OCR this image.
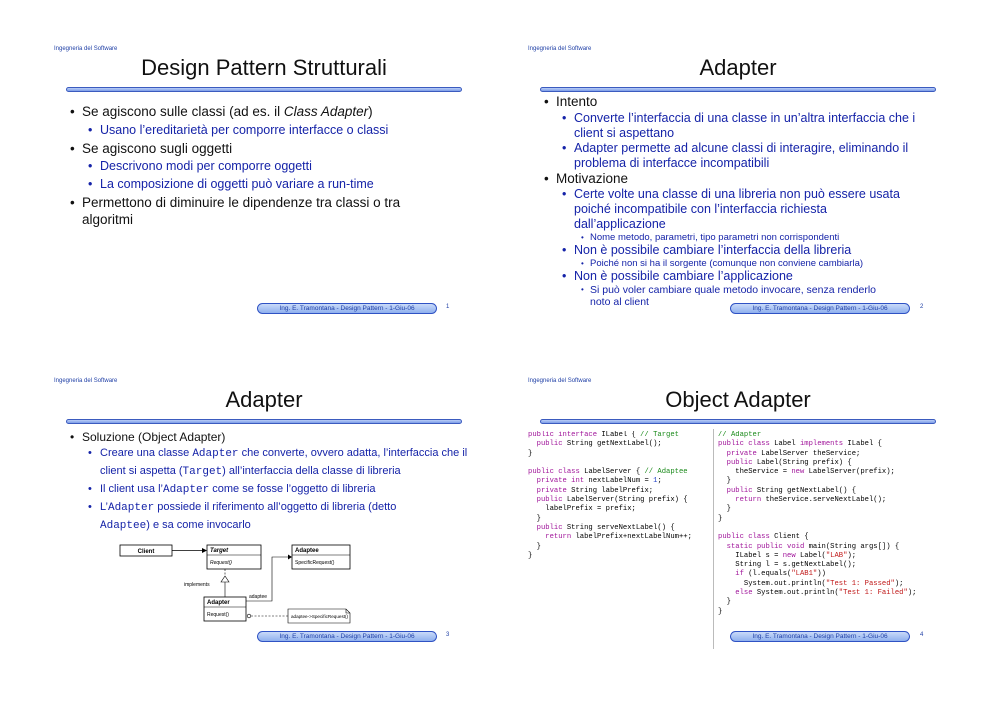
Ingegneria del Software
Design Pattern Strutturali
• Se agiscono sulle classi (ad es. il Class Adapter)
• Usano l’ereditarietà per comporre interfacce o classi
• Se agiscono sugli oggetti
• Descrivono modi per comporre oggetti
• La composizione di oggetti può variare a run-time
• Permettono di diminuire le dipendenze tra classi o tra algoritmi
Ing. E. Tramontana - Design Pattern - 1-Giu-06	1
Ingegneria del Software
Adapter
• Intento
• Converte l’interfaccia di una classe in un’altra interfaccia che i client si aspettano
• Adapter permette ad alcune classi di interagire, eliminando il problema di interfacce incompatibili
• Motivazione
• Certe volte una classe di una libreria non può essere usata poiché incompatibile con l’interfaccia richiesta dall’applicazione
• Nome metodo, parametri, tipo parametri non corrispondenti
• Non è possibile cambiare l’interfaccia della libreria
• Poiché non si ha il sorgente (comunque non conviene cambiarla)
• Non è possibile cambiare l’applicazione
• Si può voler cambiare quale metodo invocare, senza renderlo noto al client
Ing. E. Tramontana - Design Pattern - 1-Giu-06	2
Ingegneria del Software
Adapter
• Soluzione (Object Adapter)
• Creare una classe Adapter che converte, ovvero adatta, l’interfaccia che il client si aspetta (Target) all’interfaccia della classe di libreria
• Il client usa l’Adapter come se fosse l’oggetto di libreria
• L’Adapter possiede il riferimento all’oggetto di libreria (detto Adaptee) e sa come invocarlo
Client	Target
Request()
Adaptee
SpecificRequest()
implements
Adapter
Request()
adaptee
adaptee->SpecificRequest()
Ing. E. Tramontana - Design Pattern - 1-Giu-06	3
Ingegneria del Software
Object Adapter
public interface ILabel { // Target
public String getNextLabel();
}

public class LabelServer { // Adaptee
private int nextLabelNum = 1;
private String labelPrefix;
public LabelServer(String prefix) {
labelPrefix = prefix;
}
public String serveNextLabel() {
return labelPrefix+nextLabelNum++;
}
}
// Adapter
public class Label implements ILabel {
private LabelServer theService;
public Label(String prefix) {
theService = new LabelServer(prefix);
}
public String getNextLabel() {
return theService.serveNextLabel();
}
}

public class Client {
static public void main(String args[]) {
ILabel s = new Label("LAB");
String l = s.getNextLabel();
if (l.equals("LAB1"))
System.out.println("Test 1: Passed");
else System.out.println("Test 1: Failed");
}
}
Ing. E. Tramontana - Design Pattern - 1-Giu-06	4
